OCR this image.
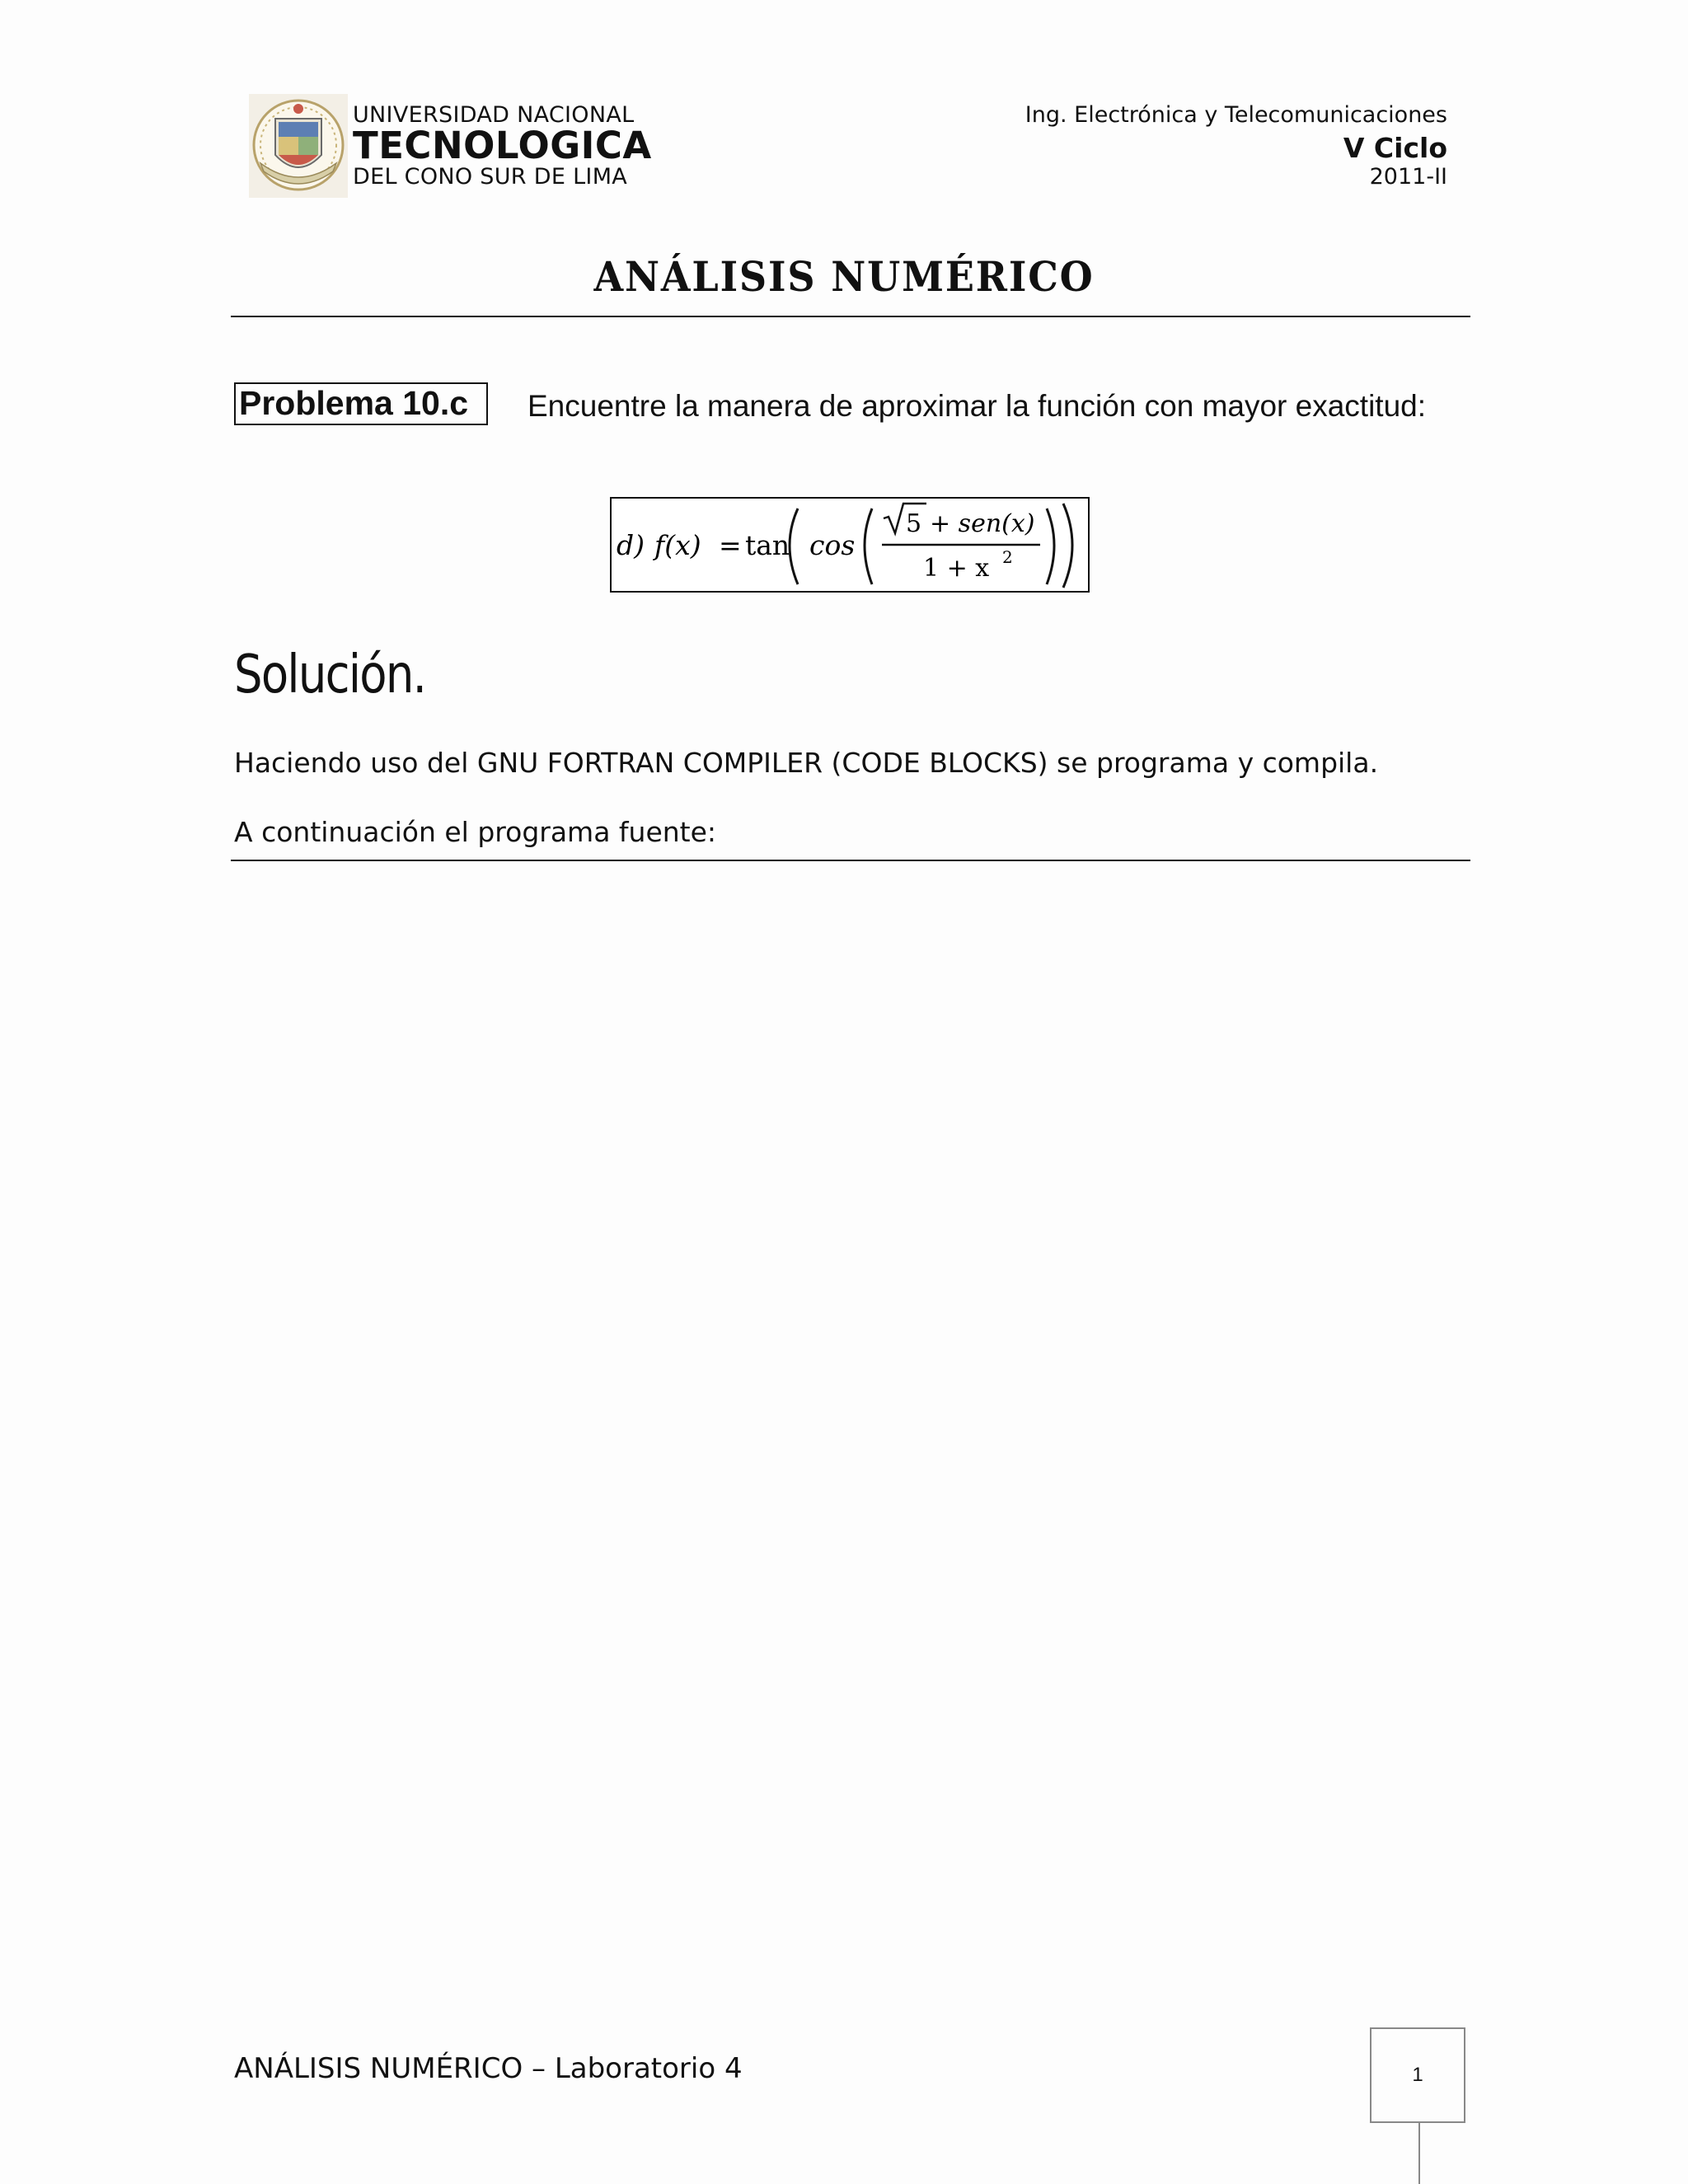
UNIVERSIDAD NACIONAL
TECNOLOGICA
DEL CONO SUR DE LIMA
Ing. Electrónica y Telecomunicaciones
V Ciclo
2011-II
ANÁLISIS NUMÉRICO
Problema 10.c	Encuentre la manera de aproximar la función con mayor exactitud:
d) f(x) = tan cos
5 + sen(x)
1 + x 2
Solución.
Haciendo uso del GNU FORTRAN COMPILER (CODE BLOCKS) se programa y compila.
A continuación el programa fuente:
ANÁLISIS NUMÉRICO – Laboratorio 4	1
